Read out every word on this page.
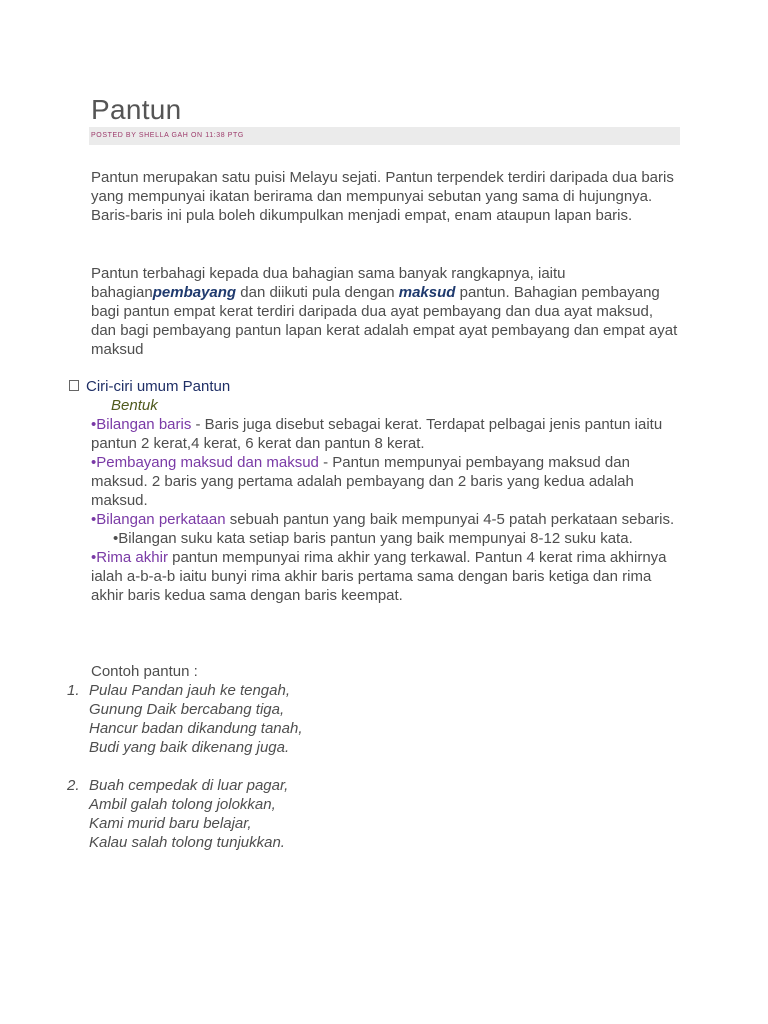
Pantun
POSTED BY SHELLA GAH ON 11:38 PTG

Pantun merupakan satu puisi Melayu sejati. Pantun terpendek terdiri daripada dua baris yang mempunyai ikatan berirama dan mempunyai sebutan yang sama di hujungnya. Baris-baris ini pula boleh dikumpulkan menjadi empat, enam ataupun lapan baris.

Pantun terbahagi kepada dua bahagian sama banyak rangkapnya, iaitu bahagianpembayang dan diikuti pula dengan maksud pantun. Bahagian pembayang bagi pantun empat kerat terdiri daripada dua ayat pembayang dan dua ayat maksud, dan bagi pembayang pantun lapan kerat adalah empat ayat pembayang dan empat ayat maksud

Ciri-ciri umum Pantun
Bentuk

•Bilangan baris - Baris juga disebut sebagai kerat. Terdapat pelbagai jenis pantun iaitu pantun 2 kerat,4 kerat, 6 kerat dan pantun 8 kerat.

•Pembayang maksud dan maksud - Pantun mempunyai pembayang maksud dan maksud. 2 baris yang pertama adalah pembayang dan 2 baris yang kedua adalah maksud.

•Bilangan perkataan sebuah pantun yang baik mempunyai 4-5 patah perkataan sebaris.

•Bilangan suku kata setiap baris pantun yang baik mempunyai 8-12 suku kata.

•Rima akhir pantun mempunyai rima akhir yang terkawal. Pantun 4 kerat rima akhirnya ialah a-b-a-b iaitu bunyi rima akhir baris pertama sama dengan baris ketiga dan rima akhir baris kedua sama dengan baris keempat.

Contoh pantun :
1. Pulau Pandan jauh ke tengah,
Gunung Daik bercabang tiga,
Hancur badan dikandung tanah,
Budi yang baik dikenang juga.
2. Buah cempedak di luar pagar,
Ambil galah tolong jolokkan,
Kami murid baru belajar,
Kalau salah tolong tunjukkan.
